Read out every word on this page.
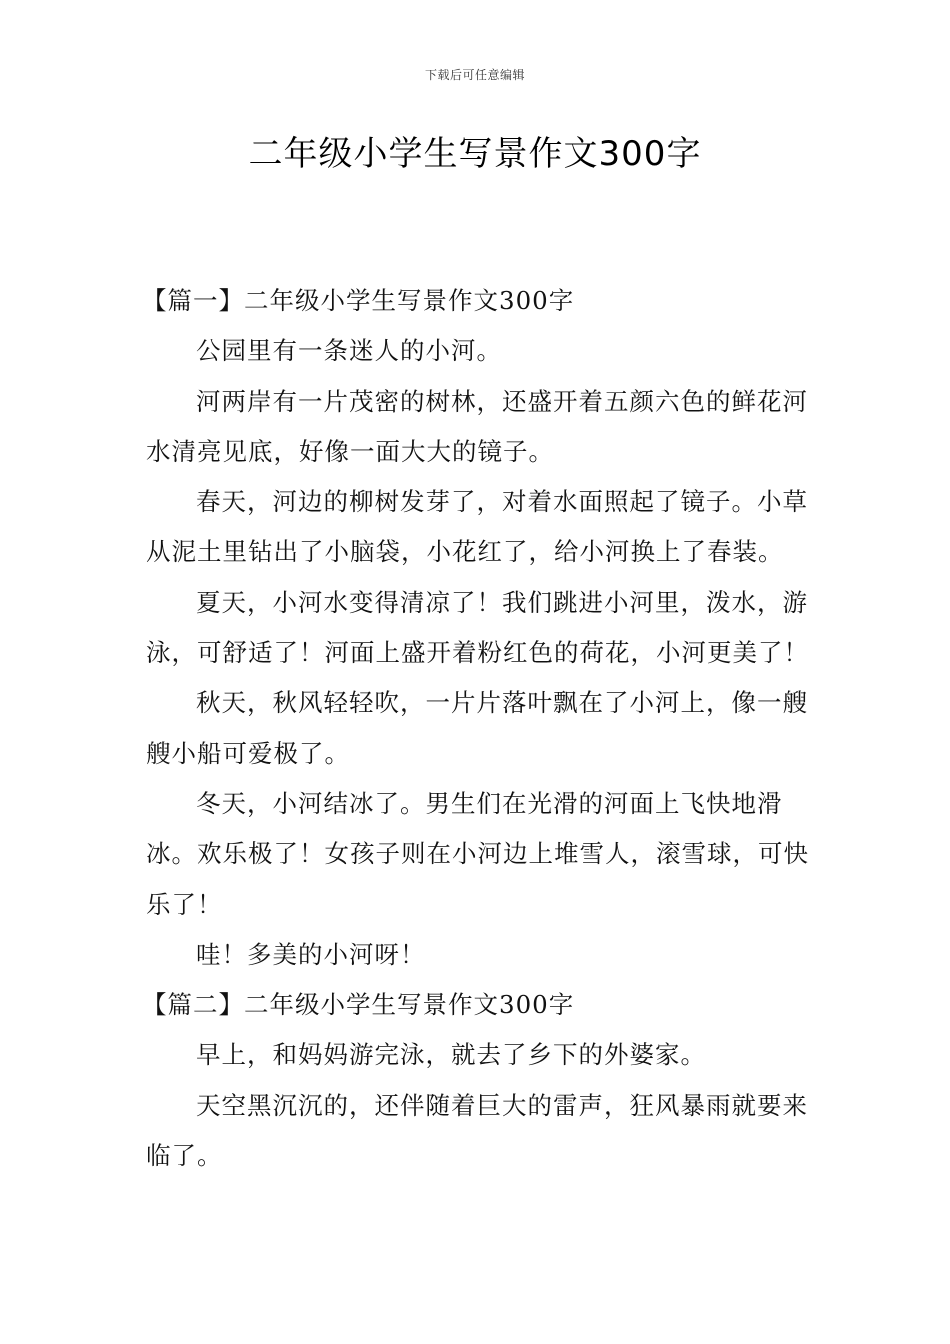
下载后可任意编辑
二年级小学生写景作文300字

【篇一】二年级小学生写景作文300字

公园里有一条迷人的小河。

河两岸有一片茂密的树林，还盛开着五颜六色的鲜花河水清亮见底，好像一面大大的镜子。

春天，河边的柳树发芽了，对着水面照起了镜子。小草从泥土里钻出了小脑袋，小花红了，给小河换上了春装。

夏天，小河水变得清凉了！我们跳进小河里，泼水，游泳，可舒适了！河面上盛开着粉红色的荷花，小河更美了！

秋天，秋风轻轻吹，一片片落叶飘在了小河上，像一艘艘小船可爱极了。

冬天，小河结冰了。男生们在光滑的河面上飞快地滑冰。欢乐极了！女孩子则在小河边上堆雪人，滚雪球，可快乐了！

哇！多美的小河呀！

【篇二】二年级小学生写景作文300字

早上，和妈妈游完泳，就去了乡下的外婆家。

天空黑沉沉的，还伴随着巨大的雷声，狂风暴雨就要来临了。
